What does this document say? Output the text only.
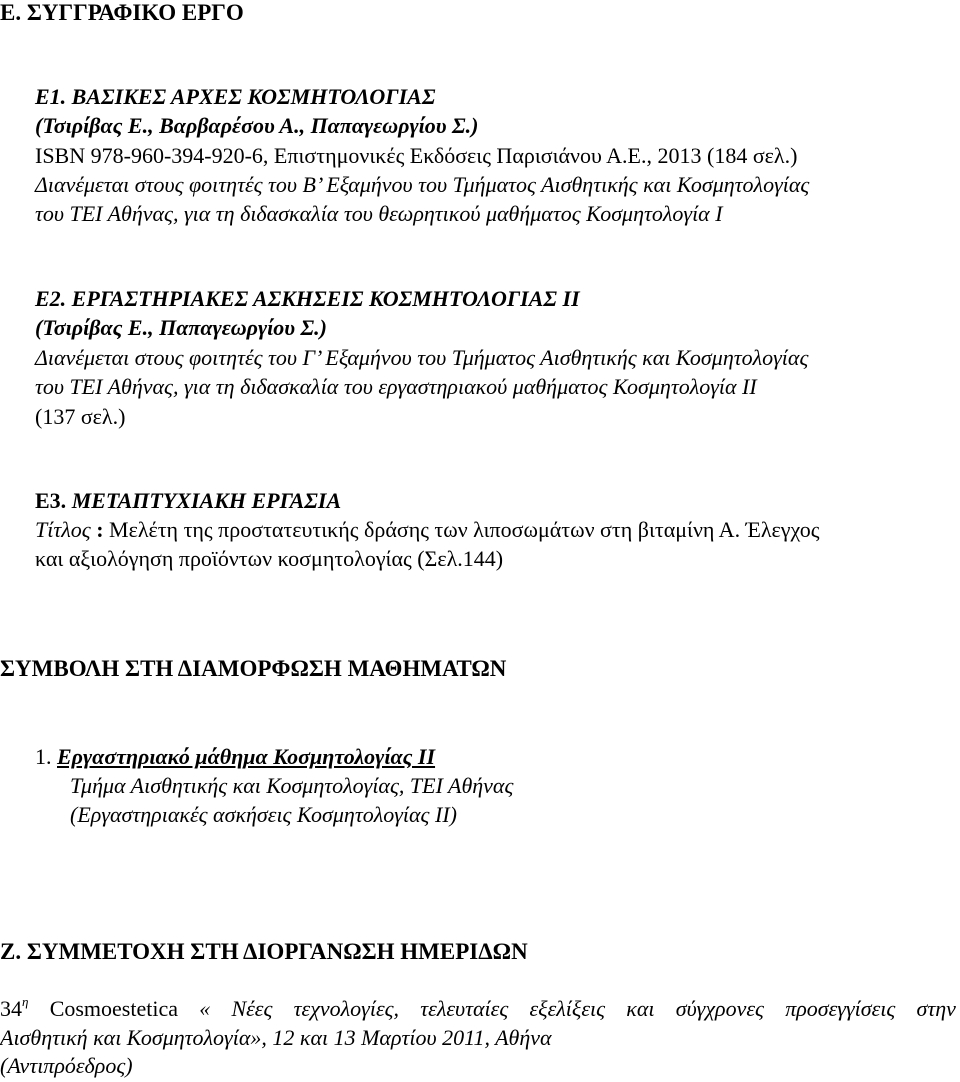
Ε. ΣΥΓΓΡΑΦΙΚΟ ΕΡΓΟ
Ε1. ΒΑΣΙΚΕΣ ΑΡΧΕΣ ΚΟΣΜΗΤΟΛΟΓΙΑΣ
(Τσιρίβας Ε., Βαρβαρέσου Α., Παπαγεωργίου Σ.)
ISBN 978-960-394-920-6, Επιστημονικές Εκδόσεις Παρισιάνου Α.Ε., 2013 (184 σελ.)
Διανέμεται στους φοιτητές του Β’ Εξαμήνου του Τμήματος Αισθητικής και Κοσμητολογίας
του ΤΕΙ Αθήνας, για τη διδασκαλία του θεωρητικού μαθήματος Κοσμητολογία Ι
Ε2. ΕΡΓΑΣΤΗΡΙΑΚΕΣ ΑΣΚΗΣΕΙΣ ΚΟΣΜΗΤΟΛΟΓΙΑΣ ΙΙ
(Τσιρίβας Ε., Παπαγεωργίου Σ.)
Διανέμεται στους φοιτητές του Γ’ Εξαμήνου του Τμήματος Αισθητικής και Κοσμητολογίας
του ΤΕΙ Αθήνας, για τη διδασκαλία του εργαστηριακού μαθήματος Κοσμητολογία ΙΙ
(137 σελ.)
Ε3. ΜΕΤΑΠΤΥΧΙΑΚΗ ΕΡΓΑΣΙΑ
Τίτλος : Μελέτη της προστατευτικής δράσης των λιποσωμάτων στη βιταμίνη Α. Έλεγχος
και αξιολόγηση προϊόντων κοσμητολογίας (Σελ.144)
ΣΥΜΒΟΛΗ ΣΤΗ ΔΙΑΜΟΡΦΩΣΗ ΜΑΘΗΜΑΤΩΝ
1. Εργαστηριακό μάθημα Κοσμητολογίας ΙΙ
Τμήμα Αισθητικής και Κοσμητολογίας, ΤΕΙ Αθήνας
(Εργαστηριακές ασκήσεις Κοσμητολογίας ΙΙ)
Ζ. ΣΥΜΜΕΤΟΧΗ ΣΤΗ ΔΙΟΡΓΑΝΩΣΗ ΗΜΕΡΙΔΩΝ
$34^\eta$ Cosmoestetica « Νέες τεχνολογίες, τελευταίες εξελίξεις και σύγχρονες προσεγγίσεις στην
Αισθητική και Κοσμητολογία», 12 και 13 Μαρτίου 2011, Αθήνα
(Αντιπρόεδρος)
